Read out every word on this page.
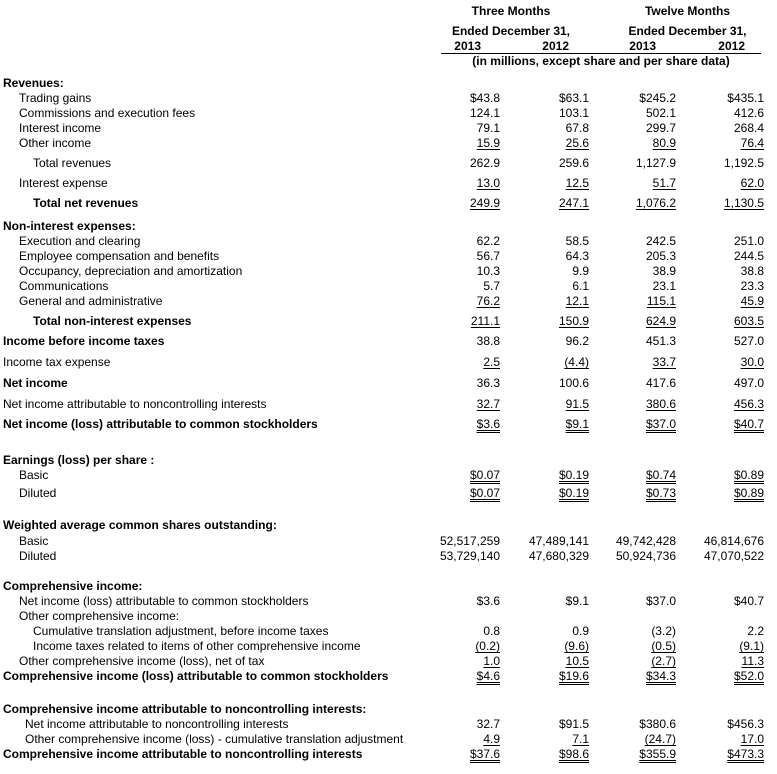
Three Months	Twelve Months
Ended December 31,	Ended December 31,
2013	2012	2013	2012
(in millions, except share and per share data)
Revenues:
Trading gains	$43.8	$63.1	$245.2	$435.1
Commissions and execution fees	124.1	103.1	502.1	412.6
Interest income	79.1	67.8	299.7	268.4
Other income	15.9	25.6	80.9	76.4
Total revenues	262.9	259.6	1,127.9	1,192.5
Interest expense	13.0	12.5	51.7	62.0
Total net revenues	249.9	247.1	1,076.2	1,130.5
Non-interest expenses:
Execution and clearing	62.2	58.5	242.5	251.0
Employee compensation and benefits	56.7	64.3	205.3	244.5
Occupancy, depreciation and amortization	10.3	9.9	38.9	38.8
Communications	5.7	6.1	23.1	23.3
General and administrative	76.2	12.1	115.1	45.9
Total non-interest expenses	211.1	150.9	624.9	603.5
Income before income taxes	38.8	96.2	451.3	527.0
Income tax expense	2.5	(4.4)	33.7	30.0
Net income	36.3	100.6	417.6	497.0
Net income attributable to noncontrolling interests	32.7	91.5	380.6	456.3
Net income (loss) attributable to common stockholders	$3.6	$9.1	$37.0	$40.7
Earnings (loss) per share :
Basic	$0.07	$0.19	$0.74	$0.89
Diluted	$0.07	$0.19	$0.73	$0.89
Weighted average common shares outstanding:
Basic	52,517,259	47,489,141	49,742,428	46,814,676
Diluted	53,729,140	47,680,329	50,924,736	47,070,522
Comprehensive income:
Net income (loss) attributable to common stockholders	$3.6	$9.1	$37.0	$40.7
Other comprehensive income:
Cumulative translation adjustment, before income taxes	0.8	0.9	(3.2)	2.2
Income taxes related to items of other comprehensive income	(0.2)	(9.6)	(0.5)	(9.1)
Other comprehensive income (loss), net of tax	1.0	10.5	(2.7)	11.3
Comprehensive income (loss) attributable to common stockholders	$4.6	$19.6	$34.3	$52.0
Comprehensive income attributable to noncontrolling interests:
Net income attributable to noncontrolling interests	32.7	$91.5	$380.6	$456.3
Other comprehensive income (loss) - cumulative translation adjustment	4.9	7.1	(24.7)	17.0
Comprehensive income attributable to noncontrolling interests	$37.6	$98.6	$355.9	$473.3
